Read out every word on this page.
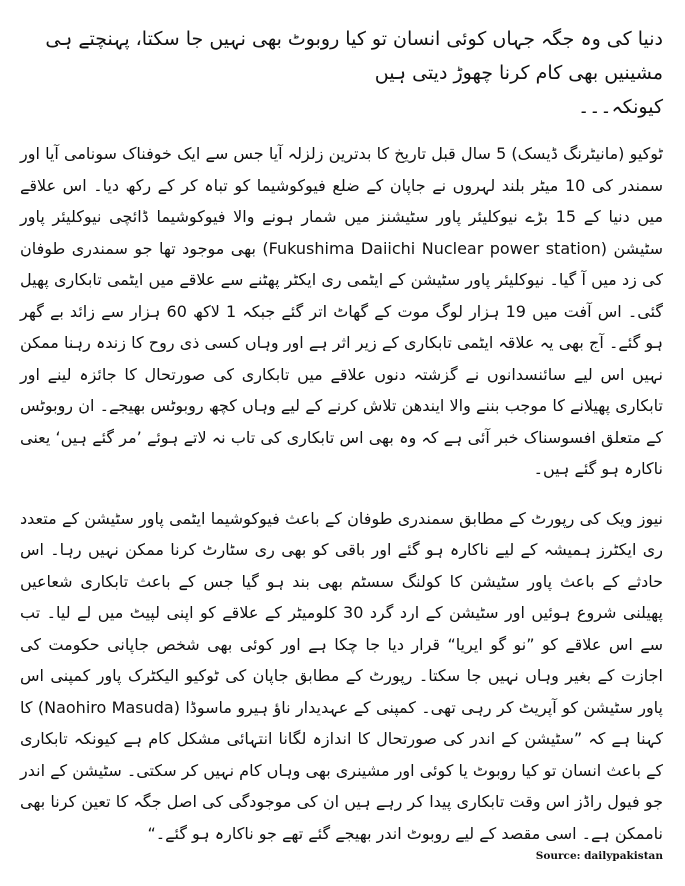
دنیا کی وہ جگہ جہاں کوئی انسان تو کیا روبوٹ بھی نہیں جا سکتا، پہنچتے ہی مشینیں بھی کام کرنا چھوڑ دیتی ہیں
کیونکہ۔۔۔

ٹوکیو (مانیٹرنگ ڈیسک) 5 سال قبل تاریخ کا بدترین زلزلہ آیا جس سے ایک خوفناک سونامی آیا اور سمندر کی 10 میٹر بلند لہروں نے جاپان کے ضلع فیوکوشیما کو تباہ کر کے رکھ دیا۔ اس علاقے میں دنیا کے 15 بڑے نیوکلیئر پاور سٹیشنز میں شمار ہونے والا فیوکوشیما ڈائچی نیوکلیئر پاور سٹیشن (Fukushima Daiichi Nuclear power station) بھی موجود تھا جو سمندری طوفان کی زد میں آ گیا۔ نیوکلیئر پاور سٹیشن کے ایٹمی ری ایکٹر پھٹنے سے علاقے میں ایٹمی تابکاری پھیل گئی۔ اس آفت میں 19 ہزار لوگ موت کے گھاٹ اتر گئے جبکہ 1 لاکھ 60 ہزار سے زائد بے گھر ہو گئے۔ آج بھی یہ علاقہ ایٹمی تابکاری کے زیر اثر ہے اور وہاں کسی ذی روح کا زندہ رہنا ممکن نہیں اس لیے سائنسدانوں نے گزشتہ دنوں علاقے میں تابکاری کی صورتحال کا جائزہ لینے اور تابکاری پھیلانے کا موجب بننے والا ایندھن تلاش کرنے کے لیے وہاں کچھ روبوٹس بھیجے۔ ان روبوٹس کے متعلق افسوسناک خبر آئی ہے کہ وہ بھی اس تابکاری کی تاب نہ لاتے ہوئے ’مر گئے ہیں‘ یعنی ناکارہ ہو گئے ہیں۔

نیوز ویک کی رپورٹ کے مطابق سمندری طوفان کے باعث فیوکوشیما ایٹمی پاور سٹیشن کے متعدد ری ایکٹرز ہمیشہ کے لیے ناکارہ ہو گئے اور باقی کو بھی ری سٹارٹ کرنا ممکن نہیں رہا۔ اس حادثے کے باعث پاور سٹیشن کا کولنگ سسٹم بھی بند ہو گیا جس کے باعث تابکاری شعاعیں پھیلنی شروع ہوئیں اور سٹیشن کے ارد گرد 30 کلومیٹر کے علاقے کو اپنی لپیٹ میں لے لیا۔ تب سے اس علاقے کو ”نو گو ایریا“ قرار دیا جا چکا ہے اور کوئی بھی شخص جاپانی حکومت کی اجازت کے بغیر وہاں نہیں جا سکتا۔ رپورٹ کے مطابق جاپان کی ٹوکیو الیکٹرک پاور کمپنی اس پاور سٹیشن کو آپریٹ کر رہی تھی۔ کمپنی کے عہدیدار ناؤ ہیرو ماسوڈا (Naohiro Masuda) کا کہنا ہے کہ ”سٹیشن کے اندر کی صورتحال کا اندازہ لگانا انتہائی مشکل کام ہے کیونکہ تابکاری کے باعث انسان تو کیا روبوٹ یا کوئی اور مشینری بھی وہاں کام نہیں کر سکتی۔ سٹیشن کے اندر جو فیول راڈز اس وقت تابکاری پیدا کر رہے ہیں ان کی موجودگی کی اصل جگہ کا تعین کرنا بھی ناممکن ہے۔ اسی مقصد کے لیے روبوٹ اندر بھیجے گئے تھے جو ناکارہ ہو گئے۔“

Source: dailypakistan
